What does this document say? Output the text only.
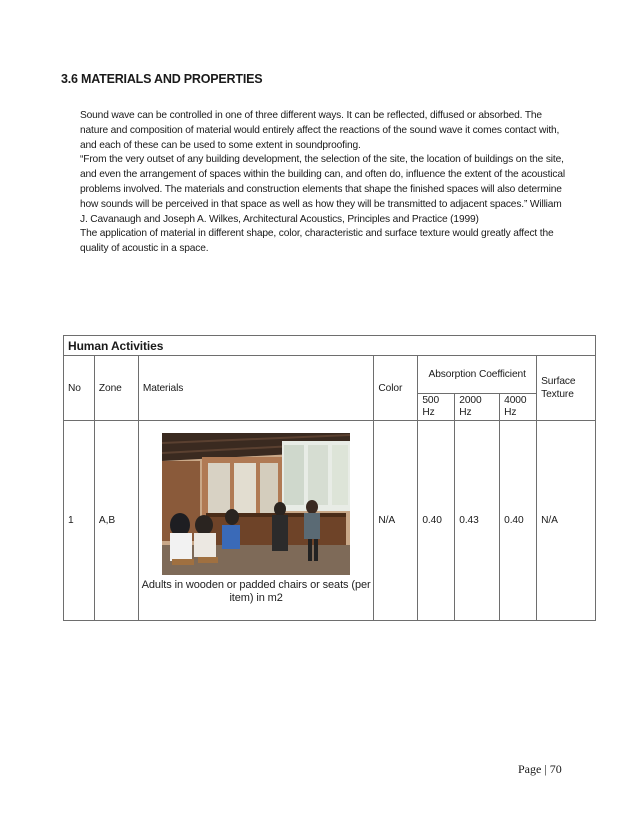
3.6 MATERIALS AND PROPERTIES

Sound wave can be controlled in one of three different ways. It can be reflected, diffused or absorbed. The nature and composition of material would entirely affect the reactions of the sound wave it comes contact with, and each of these can be used to some extent in soundproofing.

“From the very outset of any building development, the selection of the site, the location of buildings on the site, and even the arrangement of spaces within the building can, and often do, influence the extent of the acoustical problems involved. The materials and construction elements that shape the finished spaces will also determine how sounds will be perceived in that space as well as how they will be transmitted to adjacent spaces.” William J. Cavanaugh and Joseph A. Wilkes, Architectural Acoustics, Principles and Practice (1999)

The application of material in different shape, color, characteristic and surface texture would greatly affect the quality of acoustic in a space.

Human Activities							
No	Zone	Materials	Color	Absorption Coefficient			Surface Texture
				500 Hz	2000 Hz	4000 Hz	
1	A,B	Adults in wooden or padded chairs or seats (per item) in m2	N/A	0.40	0.43	0.40	N/A
Page | 70
